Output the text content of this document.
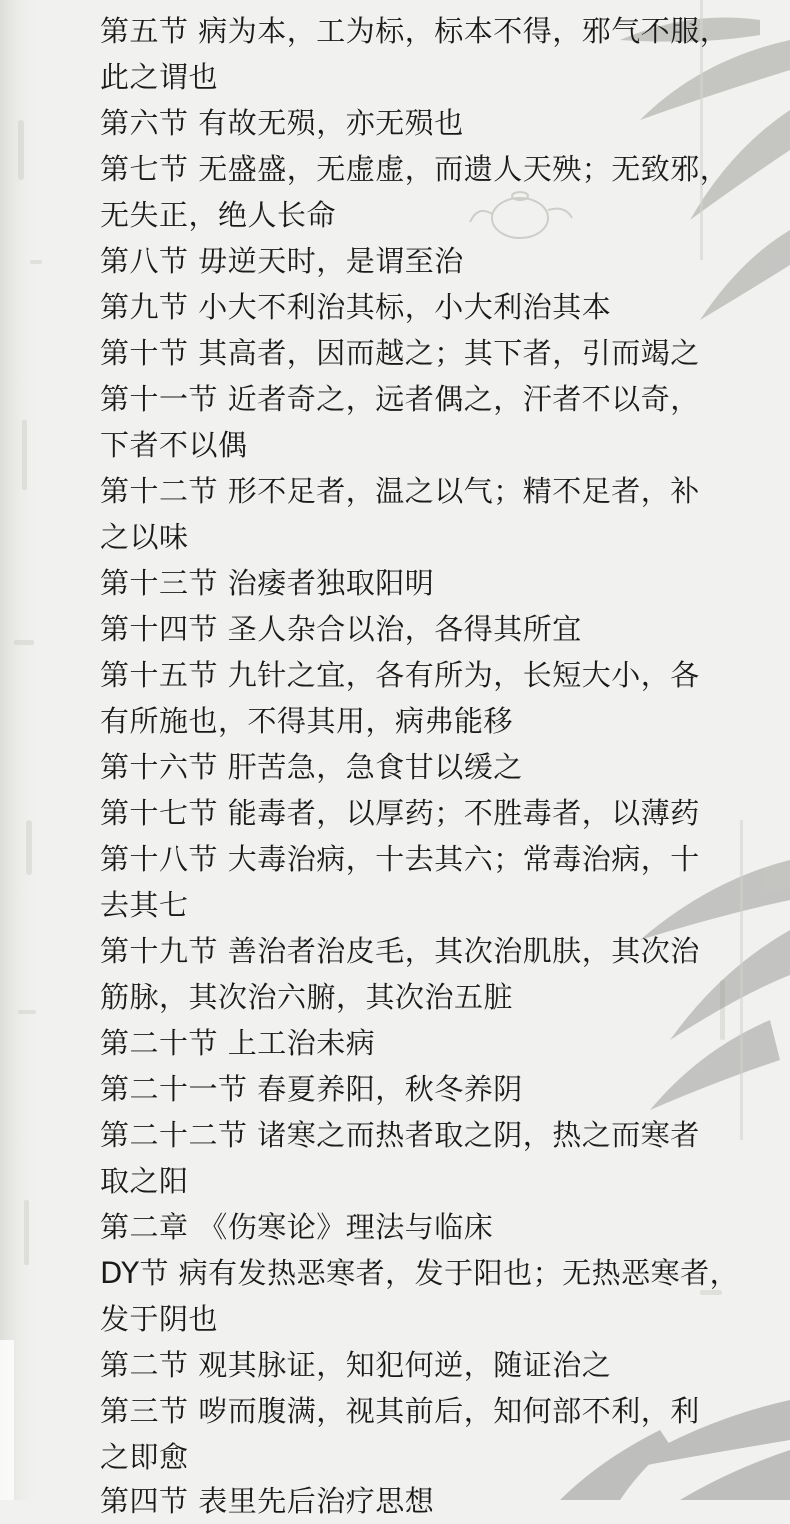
第五节 病为本，工为标，标本不得，邪气不服，
此之谓也
第六节 有故无殒，亦无殒也
第七节 无盛盛，无虚虚，而遗人天殃；无致邪，
无失正，绝人长命
第八节 毋逆天时，是谓至治
第九节 小大不利治其标，小大利治其本
第十节 其高者，因而越之；其下者，引而竭之
第十一节 近者奇之，远者偶之，汗者不以奇，
下者不以偶
第十二节 形不足者，温之以气；精不足者，补
之以味
第十三节 治痿者独取阳明
第十四节 圣人杂合以治，各得其所宜
第十五节 九针之宜，各有所为，长短大小，各
有所施也，不得其用，病弗能移
第十六节 肝苦急，急食甘以缓之
第十七节 能毒者，以厚药；不胜毒者，以薄药
第十八节 大毒治病，十去其六；常毒治病，十
去其七
第十九节 善治者治皮毛，其次治肌肤，其次治
筋脉，其次治六腑，其次治五脏
第二十节 上工治未病
第二十一节 春夏养阳，秋冬养阴
第二十二节 诸寒之而热者取之阴，热之而寒者
取之阳
第二章 《伤寒论》理法与临床
DY节 病有发热恶寒者，发于阳也；无热恶寒者，
发于阴也
第二节 观其脉证，知犯何逆，随证治之
第三节 哕而腹满，视其前后，知何部不利，利
之即愈
第四节 表里先后治疗思想
